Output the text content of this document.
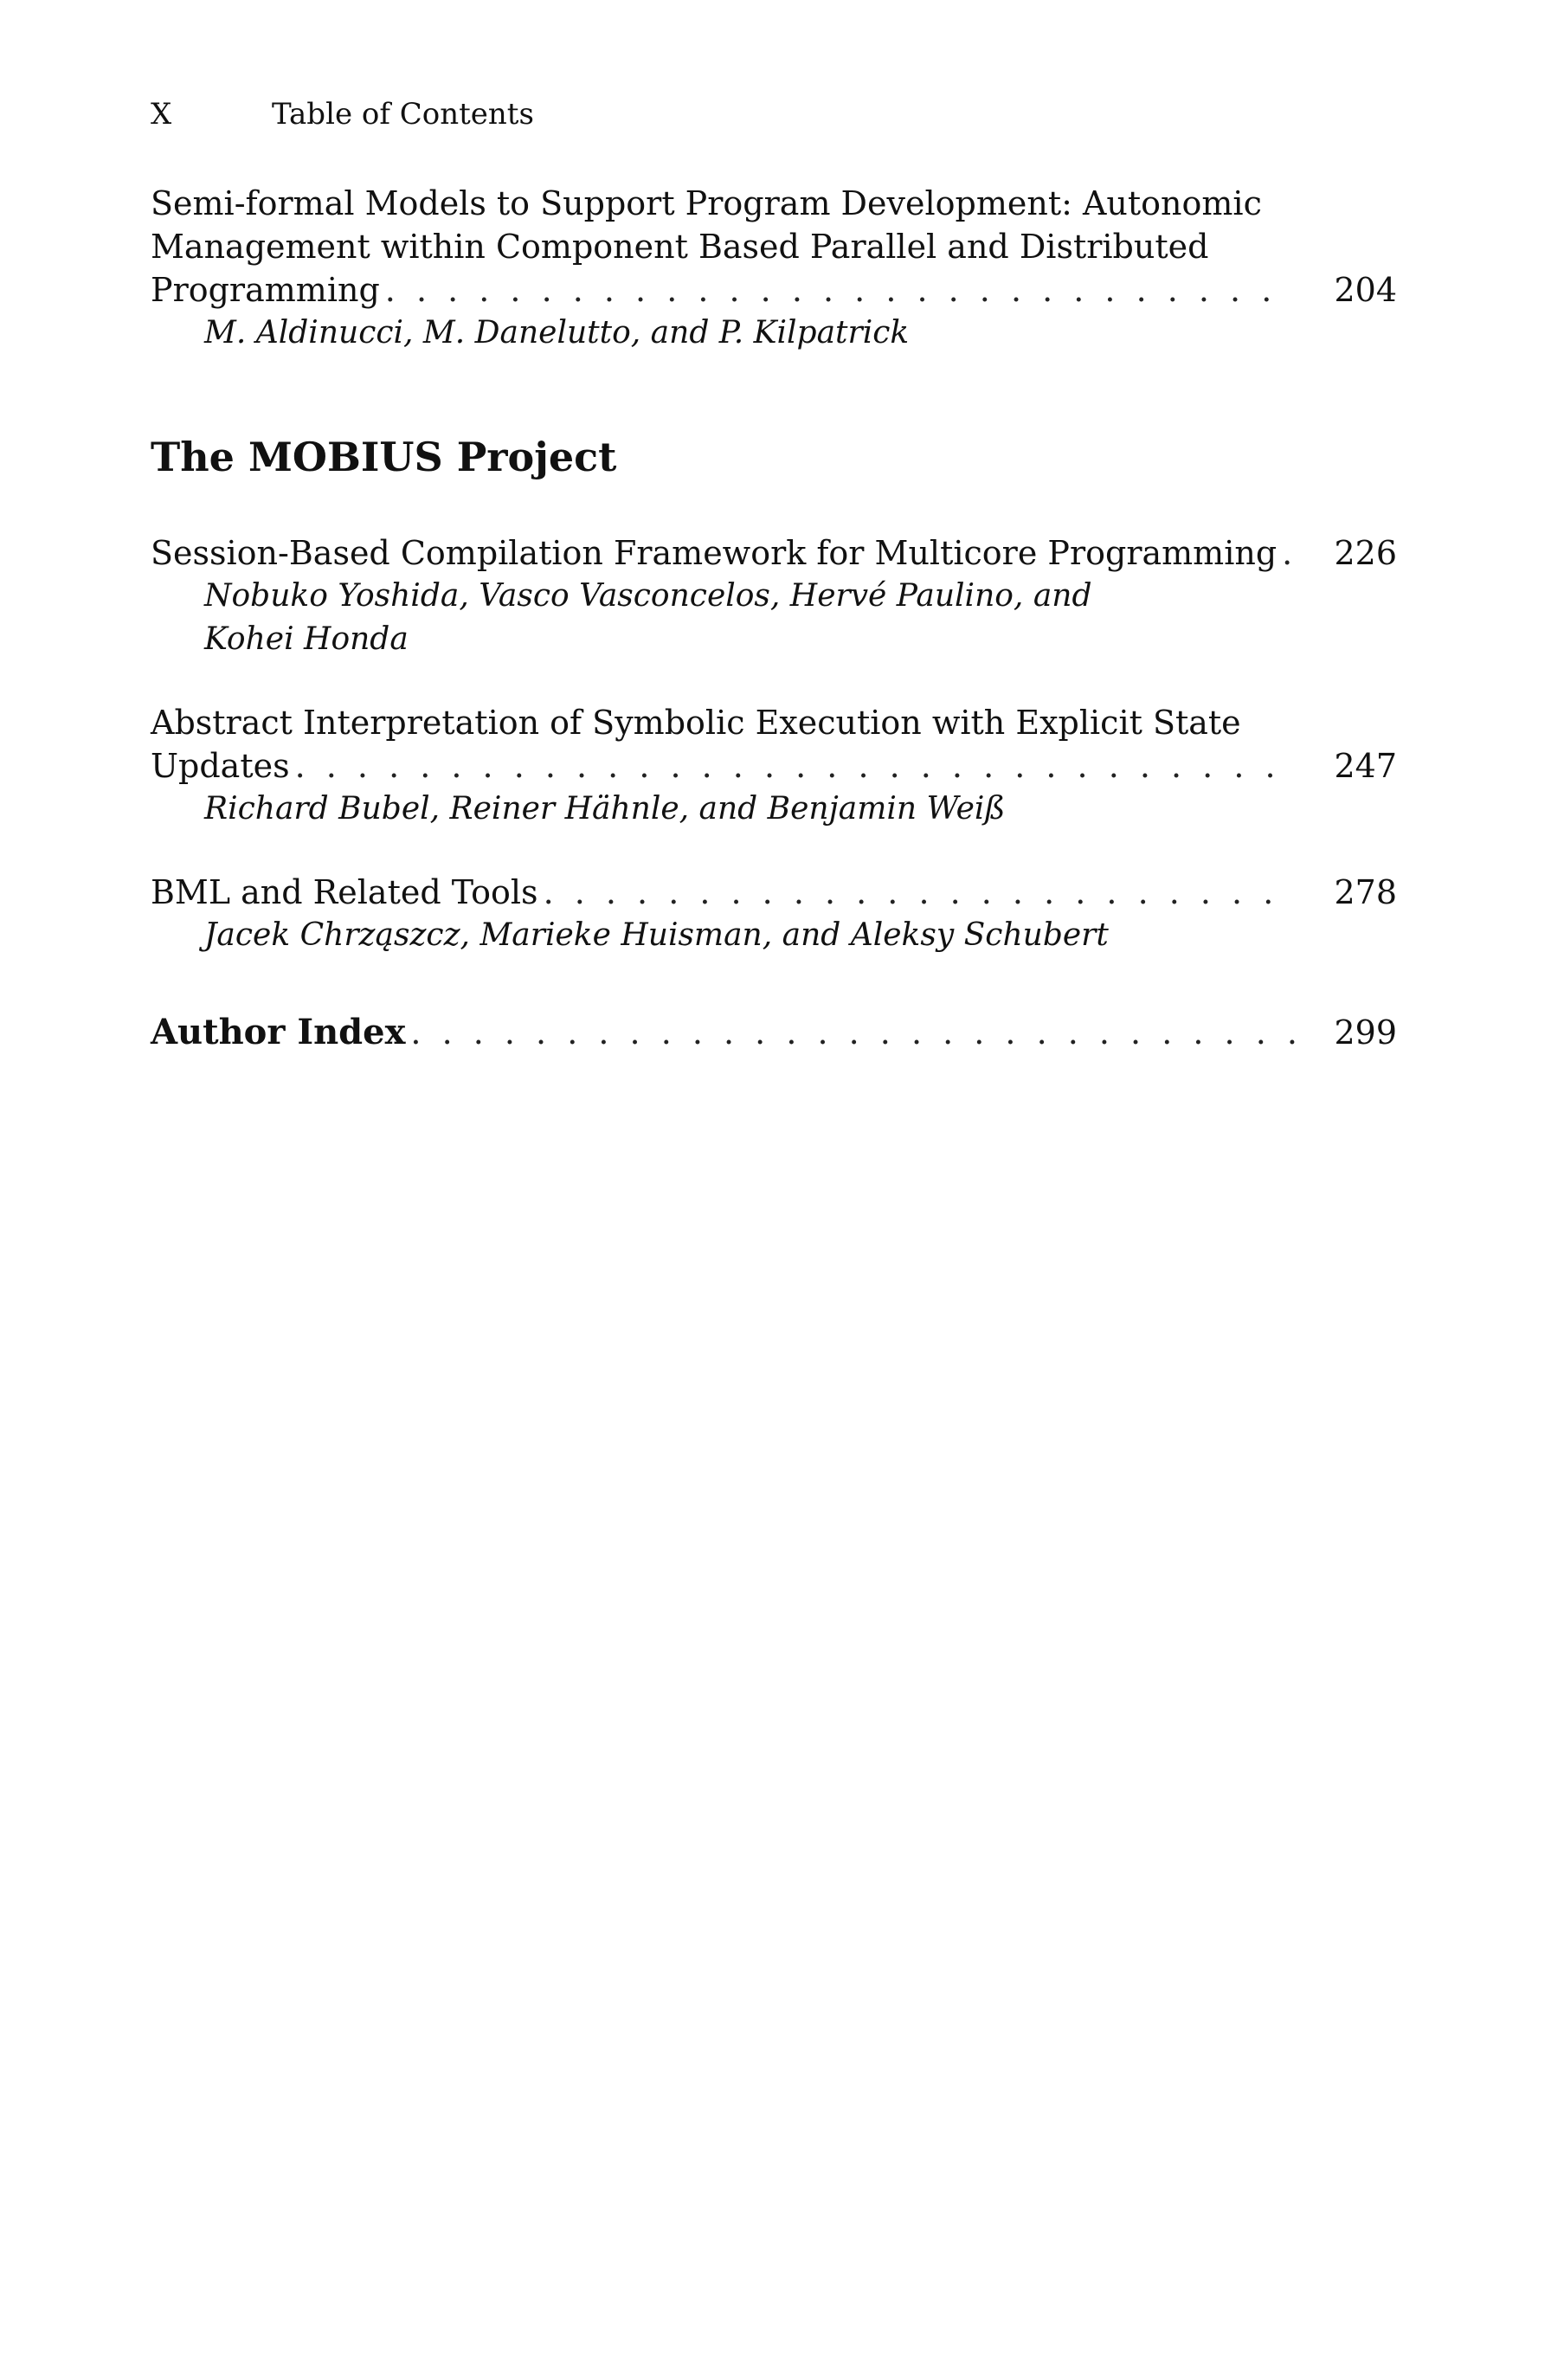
X	Table of Contents
Semi-formal Models to Support Program Development: Autonomic
Management within Component Based Parallel and Distributed
Programming . . .	204
M. Aldinucci, M. Danelutto, and P. Kilpatrick
The MOBIUS Project
Session-Based Compilation Framework for Multicore Programming . . .	226
Nobuko Yoshida, Vasco Vasconcelos, Hervé Paulino, and Kohei Honda
Abstract Interpretation of Symbolic Execution with Explicit State
Updates . . .	247
Richard Bubel, Reiner Hähnle, and Benjamin Weiß
BML and Related Tools . . .	278
Jacek Chrząszcz, Marieke Huisman, and Aleksy Schubert
Author Index . . .	299
